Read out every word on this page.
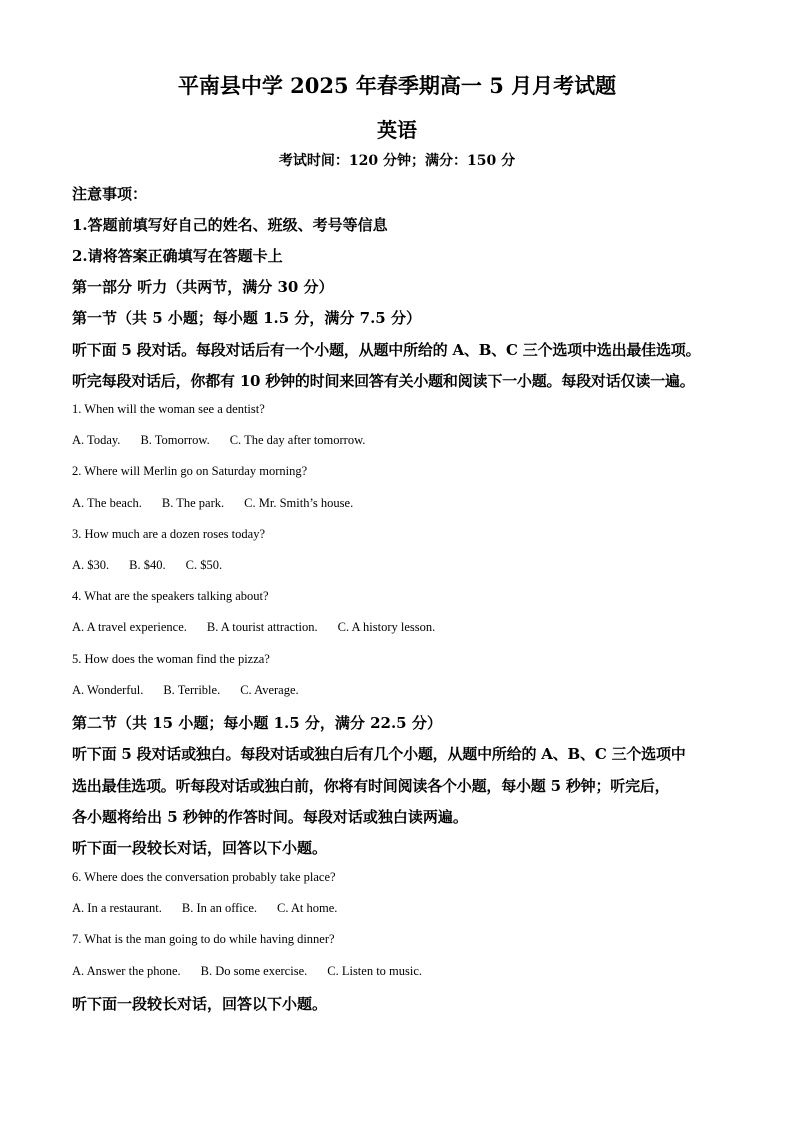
平南县中学 2025 年春季期高一 5 月月考试题
英语
考试时间：120 分钟；满分：150 分
注意事项：
1.答题前填写好自己的姓名、班级、考号等信息
2.请将答案正确填写在答题卡上
第一部分 听力（共两节，满分 30 分）
第一节（共 5 小题；每小题 1.5 分，满分 7.5 分）
听下面 5 段对话。每段对话后有一个小题，从题中所给的 A、B、C 三个选项中选出最佳选项。
听完每段对话后，你都有 10 秒钟的时间来回答有关小题和阅读下一小题。每段对话仅读一遍。
1. When will the woman see a dentist?
A. Today. B. Tomorrow. C. The day after tomorrow.
2. Where will Merlin go on Saturday morning?
A. The beach. B. The park. C. Mr. Smith’s house.
3. How much are a dozen roses today?
A. $30. B. $40. C. $50.
4. What are the speakers talking about?
A. A travel experience. B. A tourist attraction. C. A history lesson.
5. How does the woman find the pizza?
A. Wonderful. B. Terrible. C. Average.
第二节（共 15 小题；每小题 1.5 分，满分 22.5 分）
听下面 5 段对话或独白。每段对话或独白后有几个小题，从题中所给的 A、B、C 三个选项中
选出最佳选项。听每段对话或独白前，你将有时间阅读各个小题，每小题 5 秒钟；听完后，
各小题将给出 5 秒钟的作答时间。每段对话或独白读两遍。
听下面一段较长对话，回答以下小题。
6. Where does the conversation probably take place?
A. In a restaurant. B. In an office. C. At home.
7. What is the man going to do while having dinner?
A. Answer the phone. B. Do some exercise. C. Listen to music.
听下面一段较长对话，回答以下小题。
